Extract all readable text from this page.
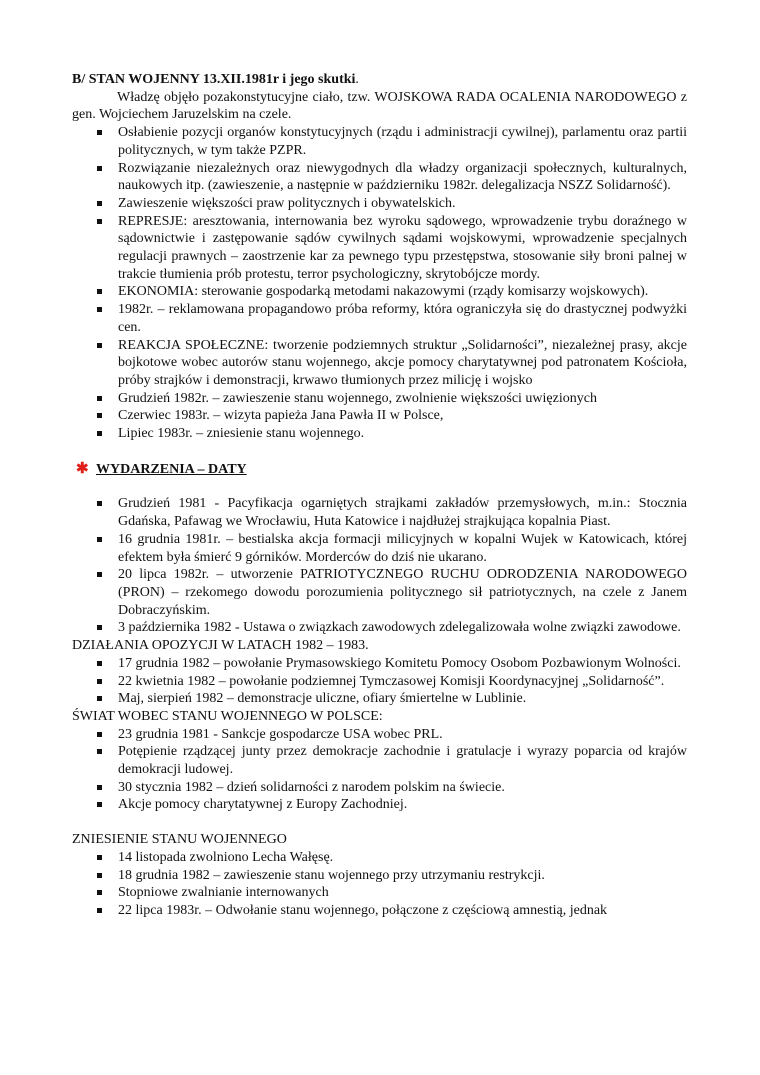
B/ STAN WOJENNY 13.XII.1981r i jego skutki.

Władzę objęło pozakonstytucyjne ciało, tzw. WOJSKOWA RADA OCALENIA NARODOWEGO z gen. Wojciechem Jaruzelskim na czele.

Osłabienie pozycji organów konstytucyjnych (rządu i administracji cywilnej), parlamentu oraz partii politycznych, w tym także PZPR.
Rozwiązanie niezależnych oraz niewygodnych dla władzy organizacji społecznych, kulturalnych, naukowych itp. (zawieszenie, a następnie w październiku 1982r. delegalizacja NSZZ Solidarność).
Zawieszenie większości praw politycznych i obywatelskich.
REPRESJE: aresztowania, internowania bez wyroku sądowego, wprowadzenie trybu doraźnego w sądownictwie i zastępowanie sądów cywilnych sądami wojskowymi, wprowadzenie specjalnych regulacji prawnych – zaostrzenie kar za pewnego typu przestępstwa, stosowanie siły broni palnej w trakcie tłumienia prób protestu, terror psychologiczny, skrytobójcze mordy.
EKONOMIA: sterowanie gospodarką metodami nakazowymi (rządy komisarzy wojskowych).
1982r. – reklamowana propagandowo próba reformy, która ograniczyła się do drastycznej podwyżki cen.
REAKCJA SPOŁECZNE: tworzenie podziemnych struktur „Solidarności”, niezależnej prasy, akcje bojkotowe wobec autorów stanu wojennego, akcje pomocy charytatywnej pod patronatem Kościoła, próby strajków i demonstracji, krwawo tłumionych przez milicję i wojsko
Grudzień 1982r. – zawieszenie stanu wojennego, zwolnienie większości uwięzionych
Czerwiec 1983r. – wizyta papieża Jana Pawła II w Polsce,
Lipiec 1983r. – zniesienie stanu wojennego.
✱ WYDARZENIA – DATY
Grudzień 1981 - Pacyfikacja ogarniętych strajkami zakładów przemysłowych, m.in.: Stocznia Gdańska, Pafawag we Wrocławiu, Huta Katowice i najdłużej strajkująca kopalnia Piast.
16 grudnia 1981r. – bestialska akcja formacji milicyjnych w kopalni Wujek w Katowicach, której efektem była śmierć 9 górników. Morderców do dziś nie ukarano.
20 lipca 1982r. – utworzenie PATRIOTYCZNEGO RUCHU ODRODZENIA NARODOWEGO (PRON) – rzekomego dowodu porozumienia politycznego sił patriotycznych, na czele z Janem Dobraczyńskim.
3 października 1982 - Ustawa o związkach zawodowych zdelegalizowała wolne związki zawodowe.

DZIAŁANIA OPOZYCJI W LATACH 1982 – 1983.

17 grudnia 1982 – powołanie Prymasowskiego Komitetu Pomocy Osobom Pozbawionym Wolności.
22 kwietnia 1982 – powołanie podziemnej Tymczasowej Komisji Koordynacyjnej „Solidarność”.
Maj, sierpień 1982 – demonstracje uliczne, ofiary śmiertelne w Lublinie.

ŚWIAT WOBEC STANU WOJENNEGO W POLSCE:

23 grudnia 1981 - Sankcje gospodarcze USA wobec PRL.
Potępienie rządzącej junty przez demokracje zachodnie i gratulacje i wyrazy poparcia od krajów demokracji ludowej.
30 stycznia 1982 – dzień solidarności z narodem polskim na świecie.
Akcje pomocy charytatywnej z Europy Zachodniej.

ZNIESIENIE STANU WOJENNEGO

14 listopada zwolniono Lecha Wałęsę.
18 grudnia 1982 – zawieszenie stanu wojennego przy utrzymaniu restrykcji.
Stopniowe zwalnianie internowanych
22 lipca 1983r. – Odwołanie stanu wojennego, połączone z częściową amnestią, jednak
